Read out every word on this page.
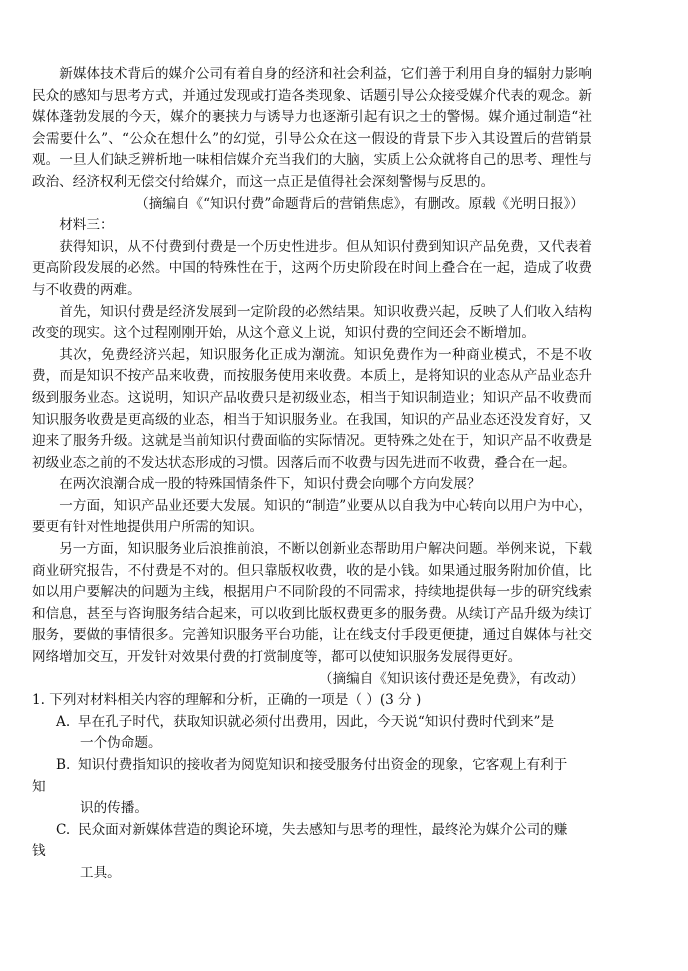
新媒体技术背后的媒介公司有着自身的经济和社会利益，它们善于利用自身的辐射力影响民众的感知与思考方式，并通过发现或打造各类现象、话题引导公众接受媒介代表的观念。新媒体蓬勃发展的今天，媒介的裹挟力与诱导力也逐渐引起有识之士的警惕。媒介通过制造“社会需要什么”、“公众在想什么”的幻觉，引导公众在这一假设的背景下步入其设置后的营销景观。一旦人们缺乏辨析地一味相信媒介充当我们的大脑，实质上公众就将自己的思考、理性与政治、经济权利无偿交付给媒介，而这一点正是值得社会深刻警惕与反思的。

（摘编自《“知识付费”命题背后的营销焦虑》，有删改。原载《光明日报》）

材料三：

获得知识，从不付费到付费是一个历史性进步。但从知识付费到知识产品免费，又代表着更高阶段发展的必然。中国的特殊性在于，这两个历史阶段在时间上叠合在一起，造成了收费与不收费的两难。

首先，知识付费是经济发展到一定阶段的必然结果。知识收费兴起，反映了人们收入结构改变的现实。这个过程刚刚开始，从这个意义上说，知识付费的空间还会不断增加。

其次，免费经济兴起，知识服务化正成为潮流。知识免费作为一种商业模式，不是不收费，而是知识不按产品来收费，而按服务使用来收费。本质上，是将知识的业态从产品业态升级到服务业态。这说明，知识产品收费只是初级业态，相当于知识制造业；知识产品不收费而知识服务收费是更高级的业态，相当于知识服务业。在我国，知识的产品业态还没发育好，又迎来了服务升级。这就是当前知识付费面临的实际情况。更特殊之处在于，知识产品不收费是初级业态之前的不发达状态形成的习惯。因落后而不收费与因先进而不收费，叠合在一起。

在两次浪潮合成一股的特殊国情条件下，知识付费会向哪个方向发展？

一方面，知识产品业还要大发展。知识的“制造”业要从以自我为中心转向以用户为中心，要更有针对性地提供用户所需的知识。

另一方面，知识服务业后浪推前浪，不断以创新业态帮助用户解决问题。举例来说，下载商业研究报告，不付费是不对的。但只靠版权收费，收的是小钱。如果通过服务附加价值，比如以用户要解决的问题为主线，根据用户不同阶段的不同需求，持续地提供每一步的研究线索和信息，甚至与咨询服务结合起来，可以收到比版权费更多的服务费。从续订产品升级为续订服务，要做的事情很多。完善知识服务平台功能，让在线支付手段更便捷，通过自媒体与社交网络增加交互，开发针对效果付费的打赏制度等，都可以使知识服务发展得更好。

（摘编自《知识该付费还是免费》，有改动）

1. 下列对材料相关内容的理解和分析，正确的一项是（ ）(3 分 )

A. 早在孔子时代，获取知识就必须付出费用，因此，今天说“知识付费时代到来”是

一个伪命题。

B. 知识付费指知识的接收者为阅览知识和接受服务付出资金的现象，它客观上有利于

知

识的传播。

C. 民众面对新媒体营造的舆论环境，失去感知与思考的理性，最终沦为媒介公司的赚

钱

工具。
